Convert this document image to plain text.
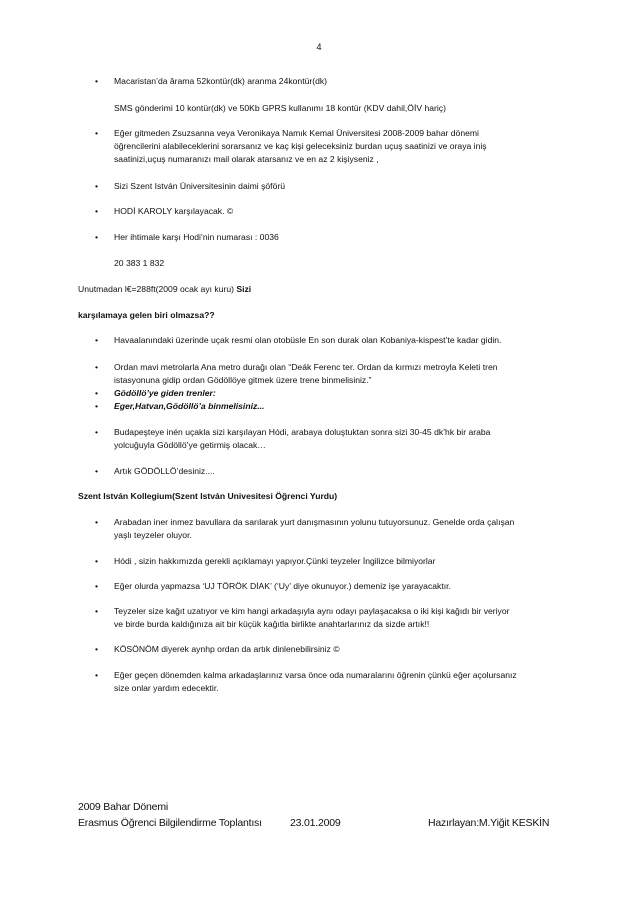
4
• Macaristan’da ârama 52kontür(dk) aranma 24kontür(dk)
SMS gönderimi 10 kontür(dk) ve 50Kb GPRS kullanımı 18 kontür (KDV dahil,ÖİV hariç)
• Eğer gitmeden Zsuzsanna veya Veronikaya Namık Kemal Üniversitesi 2008-2009 bahar dönemi
öğrencilerini alabileceklerini sorarsanız ve kaç kişi geleceksiniz burdan uçuş saatinizi ve oraya iniş
saatinizi,uçuş numaranızı mail olarak atarsanız ve en az 2 kişiyseniz ,
• Sizi Szent István Üniversitesinin daimi şöförü
• HODİ KAROLY karşılayacak. ©
• Her ihtimale karşı Hodi’nin numarası : 0036
20 383 1 832
Unutmadan l€=288ft(2009 ocak ayı kuru) Sizi
karşılamaya gelen biri olmazsa??
• Havaalanındaki üzerinde uçak resmi olan otobüsle En son durak olan Kobaniya-kispest’te kadar gidin.
• Ordan mavi metrolarla Ana metro durağı olan “Deák Ferenc ter. Ordan da kırmızı metroyla Keleti tren
istasyonuna gidip ordan Gödöllöye gitmek üzere trene binmelisiniz.”
• Gödöllö’ye giden trenler:
• Eger,Hatvan,Gödöllö’a binmelisiniz...
• Budapeşteye inén uçakla sizi karşılayan Hódi, arabaya doluştuktan sonra sizi 30-45 dk’hk bir araba
yolcuğuyla Gödöllö’ye getirmiş olacak…
• Artık GÖDÖLLÖ’desiniz....
Szent István Kollegium(Szent István Univesitesi Öğrenci Yurdu)
• Arabadan iner inmez bavullara da sarılarak yurt danışmasının yolunu tutuyorsunuz. Genelde orda çalışan
yaşlı teyzeler oluyor.
• Hódi , sizin hakkımızda gerekli açıklamayı yapıyor.Çünki teyzeler İngilizce bilmiyorlar
• Eğer olurda yapmazsa ‘UJ TÖRÖK DİAK’ (‘Uy’ diye okunuyor.) demeniz işe yarayacaktır.
• Teyzeler size kağıt uzatıyor ve kim hangi arkadaşıyla aynı odayı paylaşacaksa o iki kişi kağıdı bir veriyor
ve birde burda kaldığınıza ait bir küçük kağıtla birlikte anahtarlarınız da sizde artık!!
• KÖSÖNÖM diyerek aynhp ordan da artık dinlenebilirsiniz ©
• Eğer geçen dönemden kalma arkadaşlarınız varsa önce oda numaralarını öğrenin çünkü eğer açolursanız
size onlar yardım edecektir.
2009 Bahar Dönemi
Erasmus Öğrenci Bilgilendirme Toplantısı	23.01.2009	Hazırlayan:M.Yiğit KESKİN
